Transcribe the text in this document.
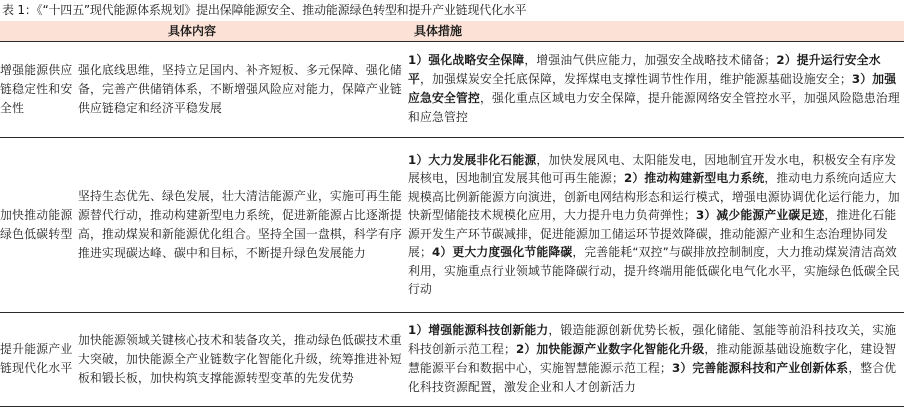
表 1：《“十四五”现代能源体系规划》提出保障能源安全、推动能源绿色转型和提升产业链现代化水平
	具体内容	具体措施
增强能源供应链稳定性和安全性	强化底线思维，坚持立足国内、补齐短板、多元保障、强化储备，完善产供储销体系，不断增强风险应对能力，保障产业链供应链稳定和经济平稳发展	1）强化战略安全保障，增强油气供应能力，加强安全战略技术储备；2）提升运行安全水平，加强煤炭安全托底保障，发挥煤电支撑性调节性作用，维护能源基础设施安全；3）加强应急安全管控，强化重点区域电力安全保障，提升能源网络安全管控水平，加强风险隐患治理和应急管控
加快推动能源绿色低碳转型	坚持生态优先、绿色发展，壮大清洁能源产业，实施可再生能源替代行动，推动构建新型电力系统，促进新能源占比逐渐提高，推动煤炭和新能源优化组合。坚持全国一盘棋，科学有序推进实现碳达峰、碳中和目标，不断提升绿色发展能力	1）大力发展非化石能源，加快发展风电、太阳能发电，因地制宜开发水电，积极安全有序发展核电，因地制宜发展其他可再生能源；2）推动构建新型电力系统，推动电力系统向适应大规模高比例新能源方向演进，创新电网结构形态和运行模式，增强电源协调优化运行能力，加快新型储能技术规模化应用，大力提升电力负荷弹性；3）减少能源产业碳足迹，推进化石能源开发生产环节碳减排，促进能源加工储运环节提效降碳，推动能源产业和生态治理协同发展；4）更大力度强化节能降碳，完善能耗“双控”与碳排放控制制度，大力推动煤炭清洁高效利用，实施重点行业领域节能降碳行动，提升终端用能低碳化电气化水平，实施绿色低碳全民行动
提升能源产业链现代化水平	加快能源领域关键核心技术和装备攻关，推动绿色低碳技术重大突破，加快能源全产业链数字化智能化升级，统筹推进补短板和锻长板，加快构筑支撑能源转型变革的先发优势	1）增强能源科技创新能力，锻造能源创新优势长板，强化储能、氢能等前沿科技攻关，实施科技创新示范工程；2）加快能源产业数字化智能化升级，推动能源基础设施数字化，建设智慧能源平台和数据中心，实施智慧能源示范工程；3）完善能源科技和产业创新体系，整合优化科技资源配置，激发企业和人才创新活力
